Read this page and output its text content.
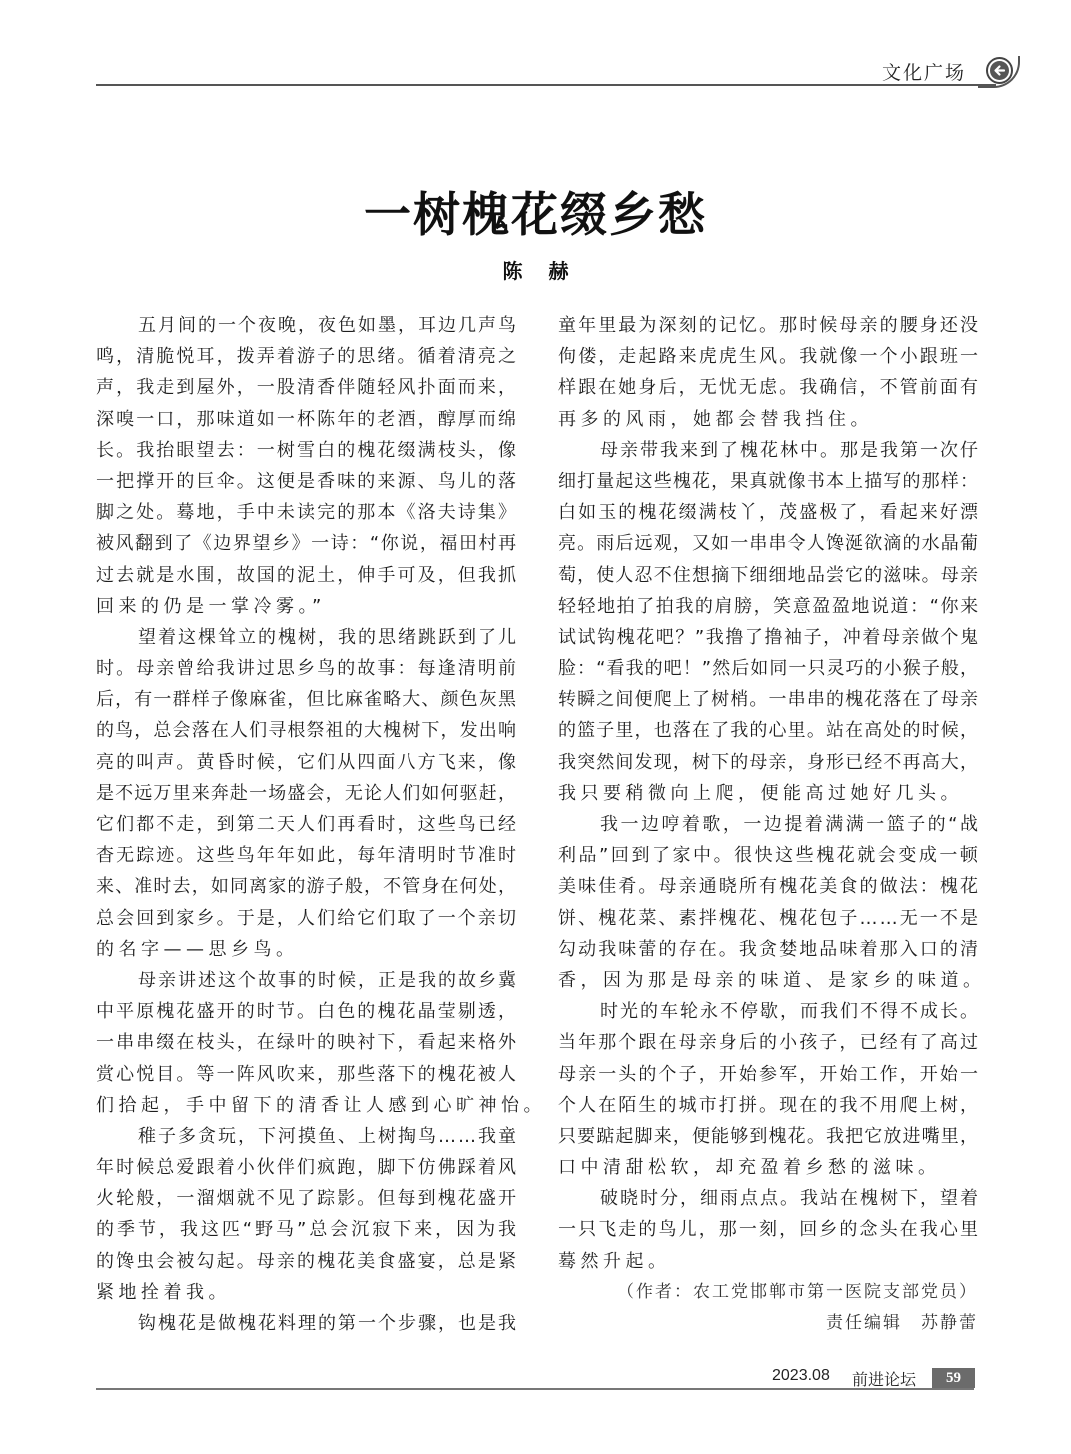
文化广场
一树槐花缀乡愁
陈 赫
五月间的一个夜晚，夜色如墨，耳边几声鸟
鸣，清脆悦耳，拨弄着游子的思绪。循着清亮之
声，我走到屋外，一股清香伴随轻风扑面而来，
深嗅一口，那味道如一杯陈年的老酒，醇厚而绵
长。我抬眼望去：一树雪白的槐花缀满枝头，像
一把撑开的巨伞。这便是香味的来源、鸟儿的落
脚之处。蓦地，手中未读完的那本《洛夫诗集》
被风翻到了《边界望乡》一诗：“你说，福田村再
过去就是水围，故国的泥土，伸手可及，但我抓
回来的仍是一掌冷雾。”
望着这棵耸立的槐树，我的思绪跳跃到了儿
时。母亲曾给我讲过思乡鸟的故事：每逢清明前
后，有一群样子像麻雀，但比麻雀略大、颜色灰黑
的鸟，总会落在人们寻根祭祖的大槐树下，发出响
亮的叫声。黄昏时候，它们从四面八方飞来，像
是不远万里来奔赴一场盛会，无论人们如何驱赶，
它们都不走，到第二天人们再看时，这些鸟已经
杳无踪迹。这些鸟年年如此，每年清明时节准时
来、准时去，如同离家的游子般，不管身在何处，
总会回到家乡。于是，人们给它们取了一个亲切
的名字——思乡鸟。
母亲讲述这个故事的时候，正是我的故乡冀
中平原槐花盛开的时节。白色的槐花晶莹剔透，
一串串缀在枝头，在绿叶的映衬下，看起来格外
赏心悦目。等一阵风吹来，那些落下的槐花被人
们拾起，手中留下的清香让人感到心旷神怡。
稚子多贪玩，下河摸鱼、上树掏鸟……我童
年时候总爱跟着小伙伴们疯跑，脚下仿佛踩着风
火轮般，一溜烟就不见了踪影。但每到槐花盛开
的季节，我这匹“野马”总会沉寂下来，因为我
的馋虫会被勾起。母亲的槐花美食盛宴，总是紧
紧地拴着我。
钩槐花是做槐花料理的第一个步骤，也是我
童年里最为深刻的记忆。那时候母亲的腰身还没
佝偻，走起路来虎虎生风。我就像一个小跟班一
样跟在她身后，无忧无虑。我确信，不管前面有
再多的风雨，她都会替我挡住。
母亲带我来到了槐花林中。那是我第一次仔
细打量起这些槐花，果真就像书本上描写的那样：
白如玉的槐花缀满枝丫，茂盛极了，看起来好漂
亮。雨后远观，又如一串串令人馋涎欲滴的水晶葡
萄，使人忍不住想摘下细细地品尝它的滋味。母亲
轻轻地拍了拍我的肩膀，笑意盈盈地说道：“你来
试试钩槐花吧？”我撸了撸袖子，冲着母亲做个鬼
脸：“看我的吧！”然后如同一只灵巧的小猴子般，
转瞬之间便爬上了树梢。一串串的槐花落在了母亲
的篮子里，也落在了我的心里。站在高处的时候，
我突然间发现，树下的母亲，身形已经不再高大，
我只要稍微向上爬，便能高过她好几头。
我一边哼着歌，一边提着满满一篮子的“战
利品”回到了家中。很快这些槐花就会变成一顿
美味佳肴。母亲通晓所有槐花美食的做法：槐花
饼、槐花菜、素拌槐花、槐花包子……无一不是
勾动我味蕾的存在。我贪婪地品味着那入口的清
香，因为那是母亲的味道、是家乡的味道。
时光的车轮永不停歇，而我们不得不成长。
当年那个跟在母亲身后的小孩子，已经有了高过
母亲一头的个子，开始参军，开始工作，开始一
个人在陌生的城市打拼。现在的我不用爬上树，
只要踮起脚来，便能够到槐花。我把它放进嘴里，
口中清甜松软，却充盈着乡愁的滋味。
破晓时分，细雨点点。我站在槐树下，望着
一只飞走的鸟儿，那一刻，回乡的念头在我心里
蓦然升起。
（作者：农工党邯郸市第一医院支部党员）
责任编辑　苏静蕾
2023.08 前进论坛	59
